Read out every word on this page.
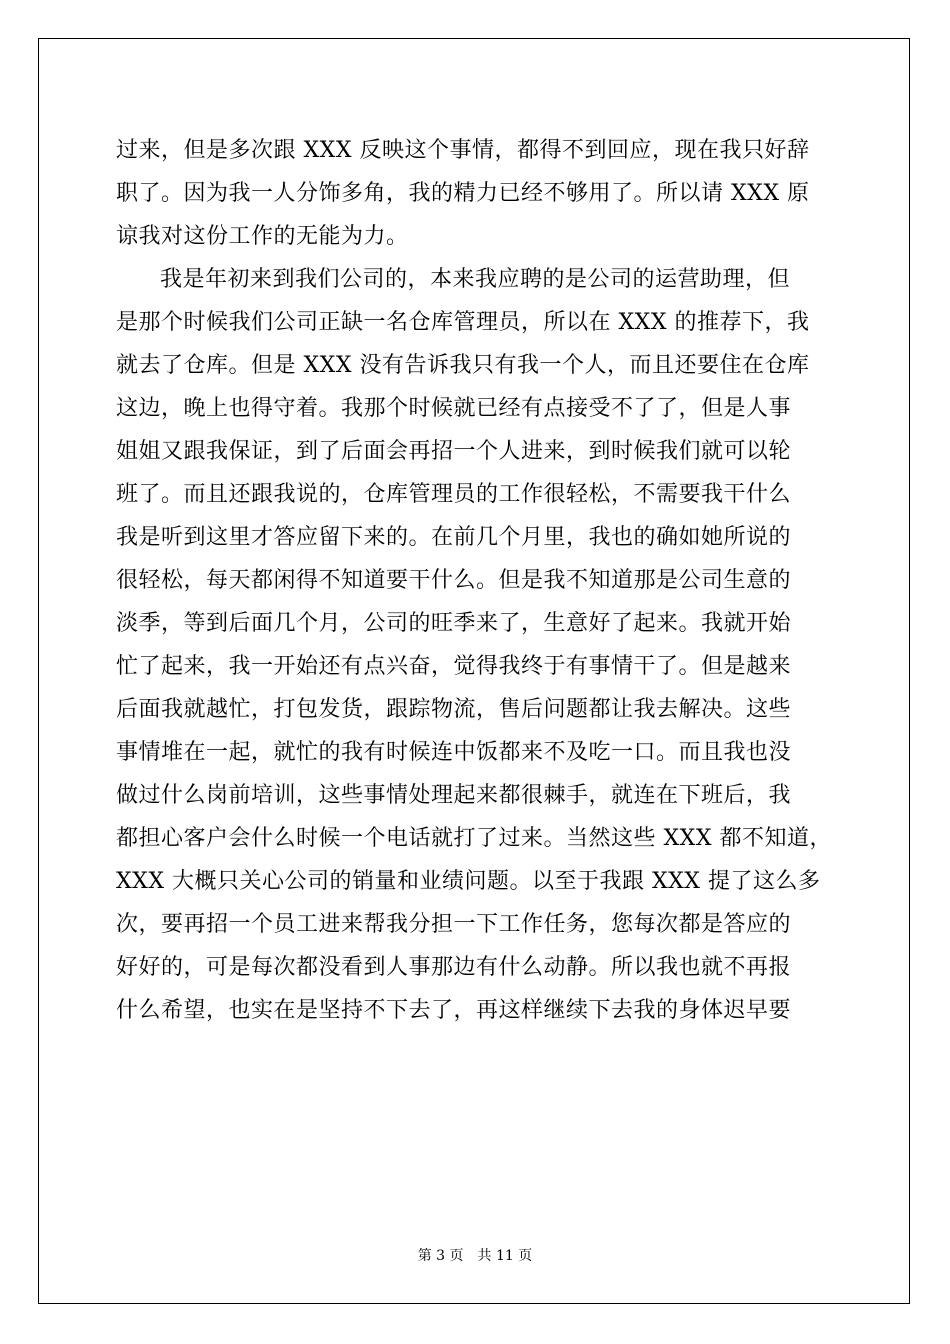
过来，但是多次跟 XXX 反映这个事情，都得不到回应，现在我只好辞
职了。因为我一人分饰多角，我的精力已经不够用了。所以请 XXX 原
谅我对这份工作的无能为力。
我是年初来到我们公司的，本来我应聘的是公司的运营助理，但
是那个时候我们公司正缺一名仓库管理员，所以在 XXX 的推荐下，我
就去了仓库。但是 XXX 没有告诉我只有我一个人，而且还要住在仓库
这边，晚上也得守着。我那个时候就已经有点接受不了了，但是人事
姐姐又跟我保证，到了后面会再招一个人进来，到时候我们就可以轮
班了。而且还跟我说的，仓库管理员的工作很轻松，不需要我干什么
我是听到这里才答应留下来的。在前几个月里，我也的确如她所说的
很轻松，每天都闲得不知道要干什么。但是我不知道那是公司生意的
淡季，等到后面几个月，公司的旺季来了，生意好了起来。我就开始
忙了起来，我一开始还有点兴奋，觉得我终于有事情干了。但是越来
后面我就越忙，打包发货，跟踪物流，售后问题都让我去解决。这些
事情堆在一起，就忙的我有时候连中饭都来不及吃一口。而且我也没
做过什么岗前培训，这些事情处理起来都很棘手，就连在下班后，我
都担心客户会什么时候一个电话就打了过来。当然这些 XXX 都不知道，
XXX 大概只关心公司的销量和业绩问题。以至于我跟 XXX 提了这么多
次，要再招一个员工进来帮我分担一下工作任务，您每次都是答应的
好好的，可是每次都没看到人事那边有什么动静。所以我也就不再报
什么希望，也实在是坚持不下去了，再这样继续下去我的身体迟早要
第 3 页 共 11 页
